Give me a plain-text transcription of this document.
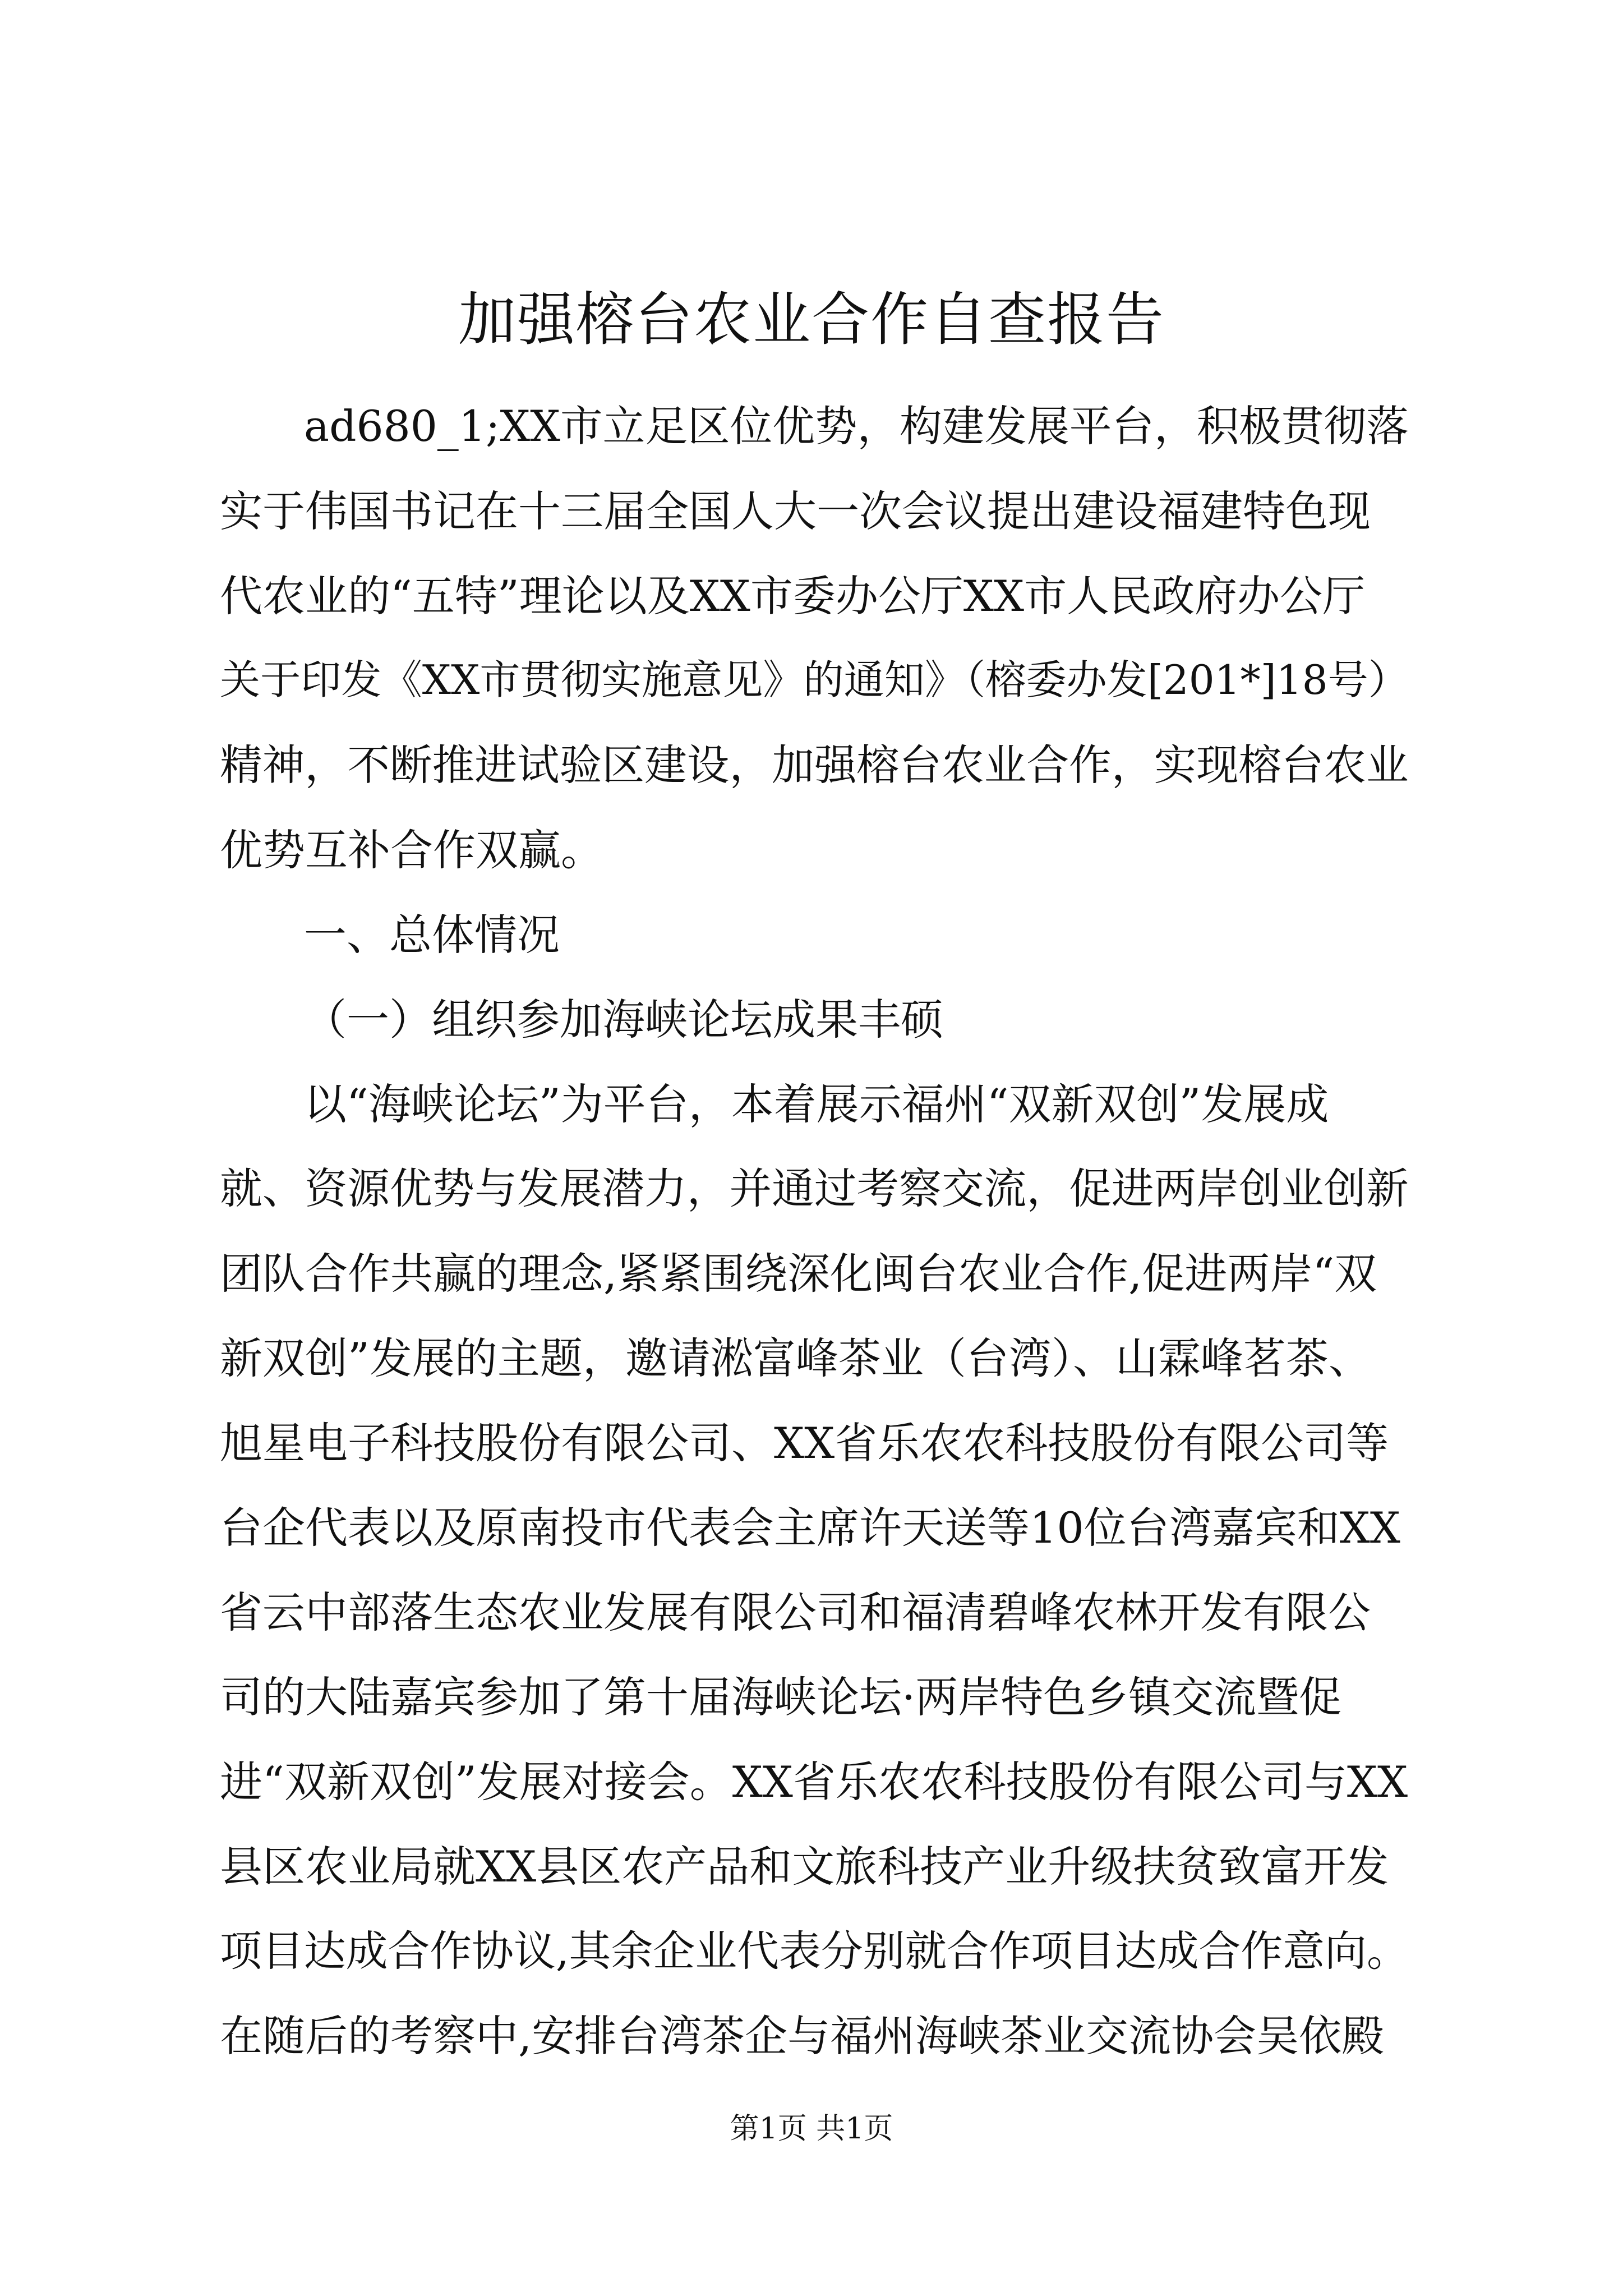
加强榕台农业合作自查报告
ad680_1;XX市立足区位优势，构建发展平台，积极贯彻落
实于伟国书记在十三届全国人大一次会议提出建设福建特色现
代农业的“五特”理论以及XX市委办公厅XX市人民政府办公厅
关于印发《XX市贯彻实施意见》的通知》（榕委办发[201*]18号）
精神，不断推进试验区建设，加强榕台农业合作，实现榕台农业
优势互补合作双赢。
一、总体情况
（一）组织参加海峡论坛成果丰硕
以“海峡论坛”为平台，本着展示福州“双新双创”发展成
就、资源优势与发展潜力，并通过考察交流，促进两岸创业创新
团队合作共赢的理念,紧紧围绕深化闽台农业合作,促进两岸“双
新双创”发展的主题，邀请淞富峰茶业（台湾）、山霖峰茗茶、
旭星电子科技股份有限公司、XX省乐农农科技股份有限公司等
台企代表以及原南投市代表会主席许天送等10位台湾嘉宾和XX
省云中部落生态农业发展有限公司和福清碧峰农林开发有限公
司的大陆嘉宾参加了第十届海峡论坛·两岸特色乡镇交流暨促
进“双新双创”发展对接会。XX省乐农农科技股份有限公司与XX
县区农业局就XX县区农产品和文旅科技产业升级扶贫致富开发
项目达成合作协议,其余企业代表分别就合作项目达成合作意向。
在随后的考察中,安排台湾茶企与福州海峡茶业交流协会吴依殿
第1页 共1页
